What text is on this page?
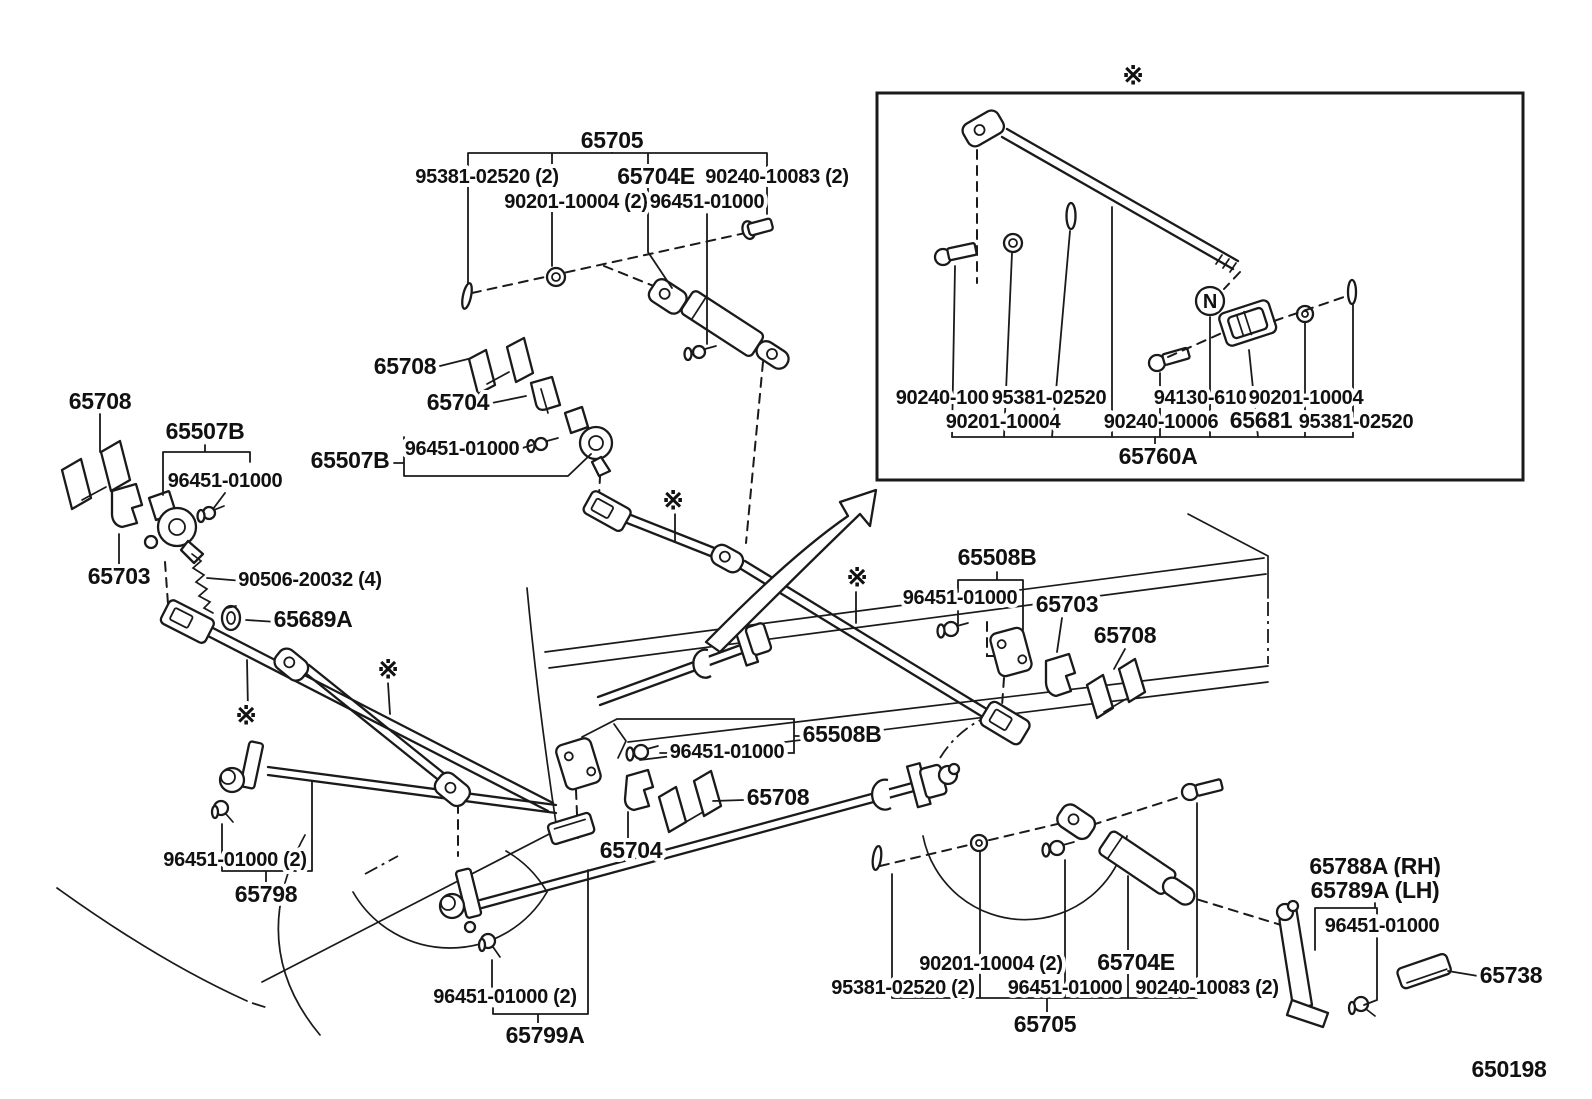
65705
95381-02520 (2)	65704E 90240-10083 (2)
90201-10004 (2) 96451-01000
65708
65507B
96451-01000
65507B 96451-01000
65708
65704
65703	90506-20032 (4)
65689A
96451-01000
65508B
65708
65704
65508B
96451-01000 65703
65708
96451-01000 (2)
65798
96451-01000 (2)
65799A
90201-10004 (2) 65704E
95381-02520 (2) 96451-01000 90240-10083 (2)
65705
65788A (RH)
65789A (LH)
96451-01000
65738
650198
90240-10083
95381-02520 94130-61000
90201-10004
90201-10004 90240-10006 65681 95381-02520
65760A
N
※
※
※
※
※
